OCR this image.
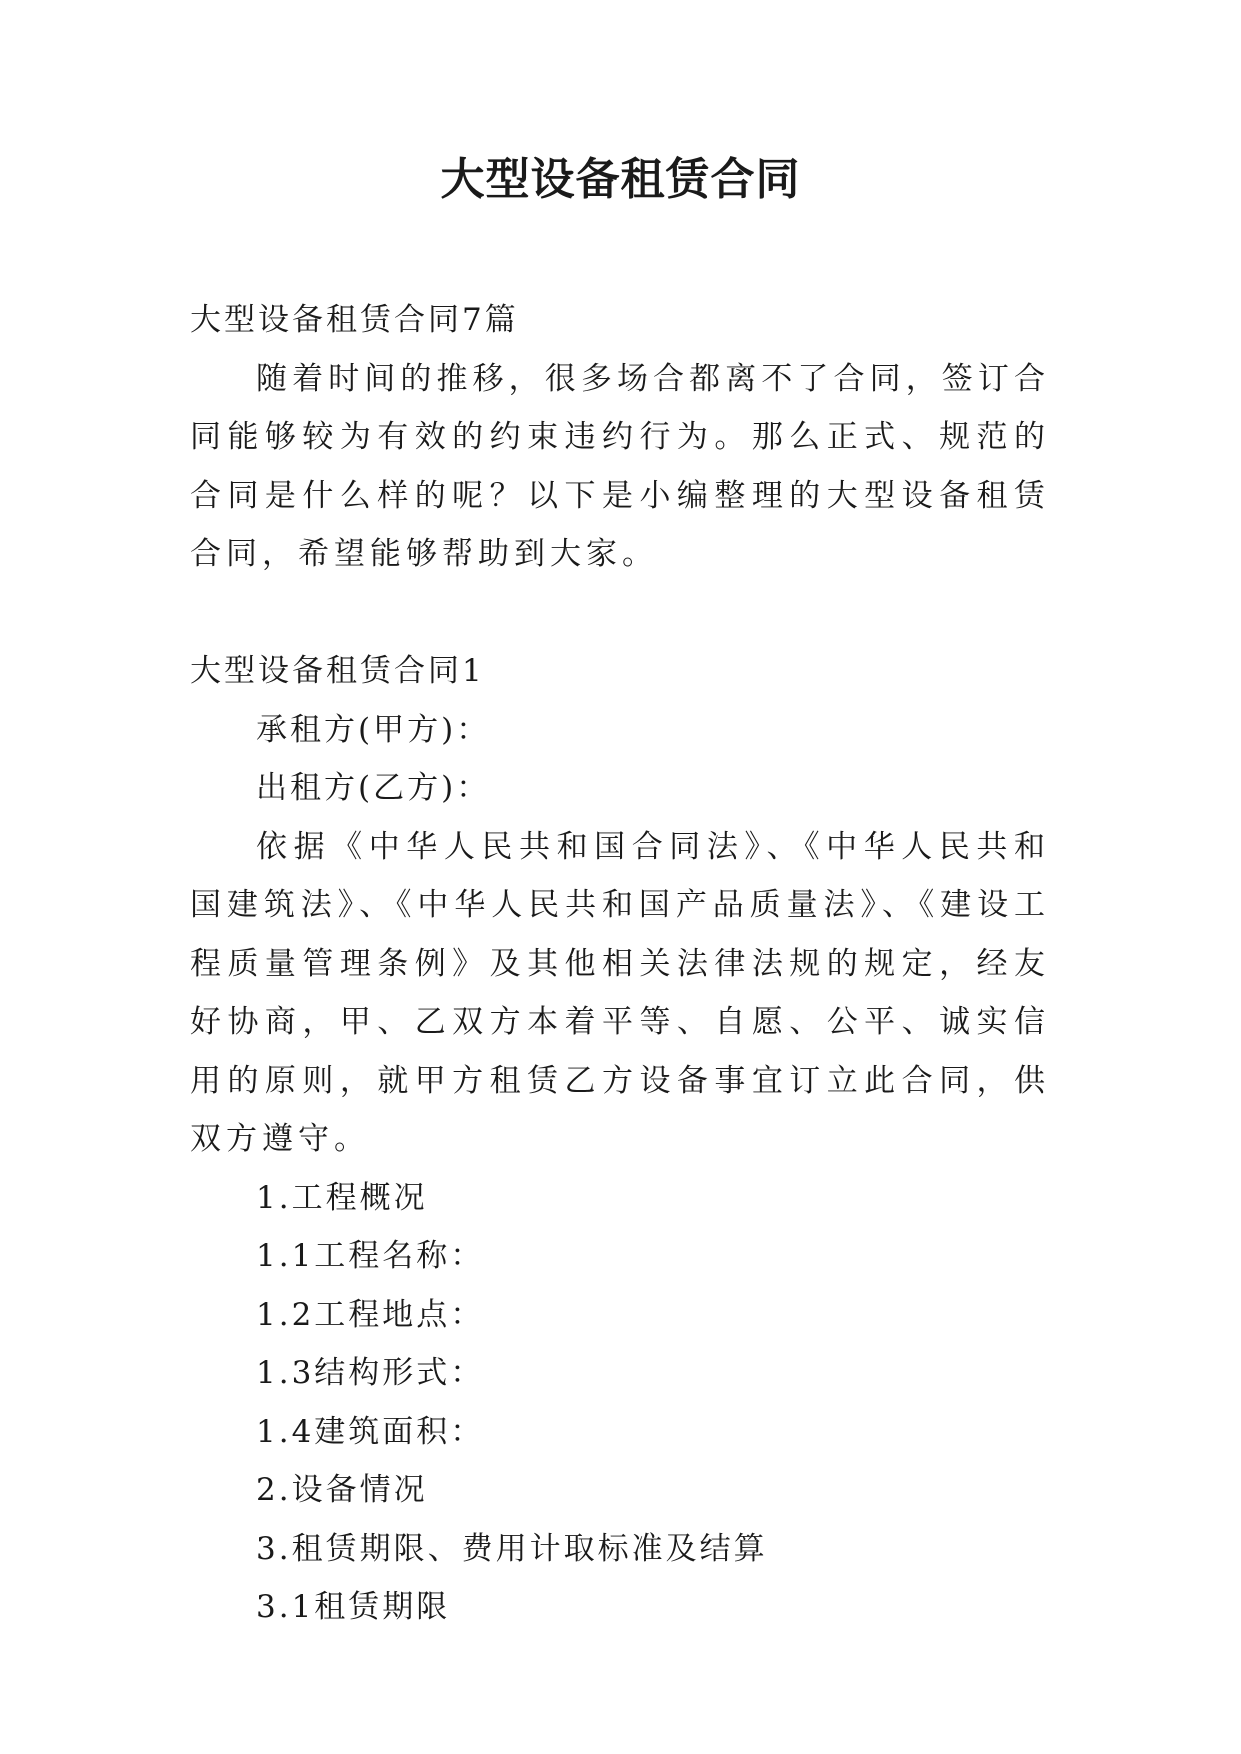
大型设备租赁合同
大型设备租赁合同7篇
随着时间的推移，很多场合都离不了合同，签订合同能够较为有效的约束违约行为。那么正式、规范的合同是什么样的呢？以下是小编整理的大型设备租赁合同，希望能够帮助到大家。
大型设备租赁合同1
承租方(甲方)：
出租方(乙方)：
依据《中华人民共和国合同法》、《中华人民共和国建筑法》、《中华人民共和国产品质量法》、《建设工程质量管理条例》及其他相关法律法规的规定，经友好协商，甲、乙双方本着平等、自愿、公平、诚实信用的原则，就甲方租赁乙方设备事宜订立此合同，供双方遵守。
1.工程概况
1.1工程名称：
1.2工程地点：
1.3结构形式：
1.4建筑面积：
2.设备情况
3.租赁期限、费用计取标准及结算
3.1租赁期限
